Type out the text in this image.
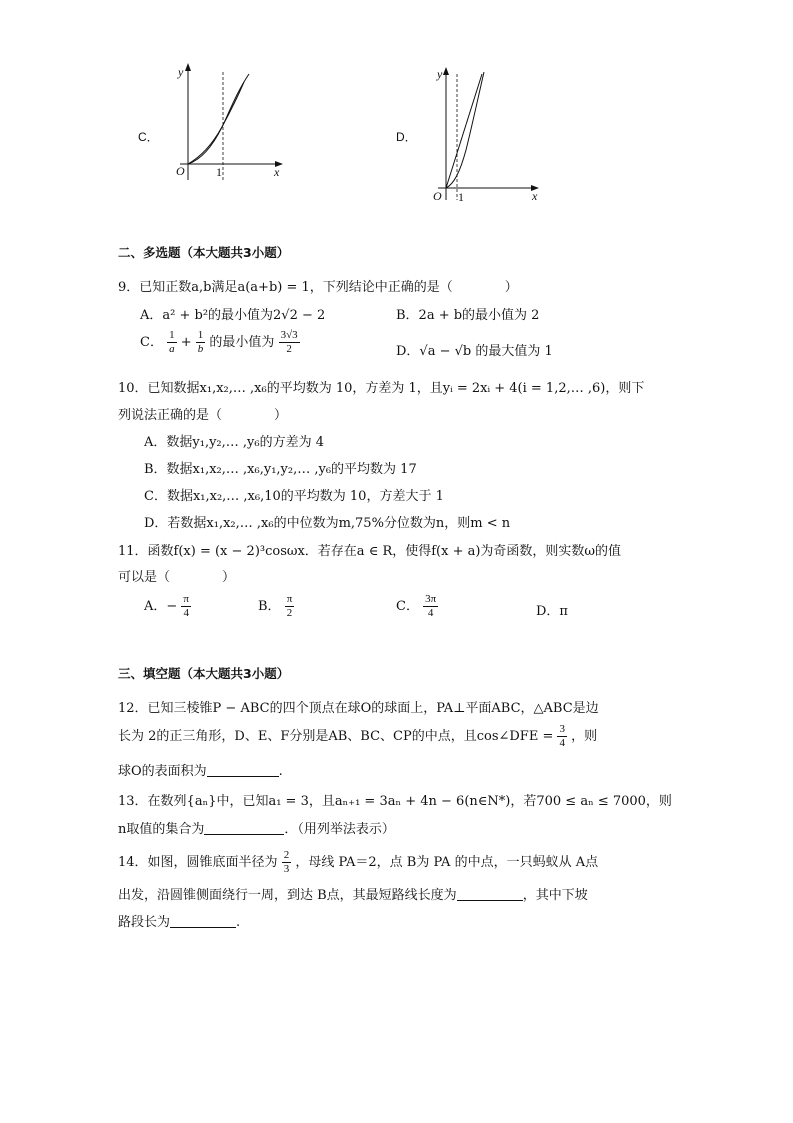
C．
y
x
O	1
D．
y
x
O 1
二、多选题（本大题共3小题）
9．已知正数a,b满足a(a+b) = 1，下列结论中正确的是（　　　　）
A．a² + b²的最小值为2√2 − 2	B．2a + b的最小值为 2
C． $\frac{1}{a} + \frac{1}{b}$ 的最小值为 $\frac{3√3}{2}$	D．√a − √b 的最大值为 1
10．已知数据x₁,x₂,… ,x₆的平均数为 10，方差为 1，且yᵢ = 2xᵢ + 4(i = 1,2,… ,6)，则下
列说法正确的是（　　　　）
A．数据y₁,y₂,… ,y₆的方差为 4
B．数据x₁,x₂,… ,x₆,y₁,y₂,… ,y₆的平均数为 17
C．数据x₁,x₂,… ,x₆,10的平均数为 10，方差大于 1
D．若数据x₁,x₂,… ,x₆的中位数为m,75%分位数为n，则m < n
11．函数f(x) = (x − 2)³cosωx．若存在a ∈ R，使得f(x + a)为奇函数，则实数ω的值
可以是（　　　　）
A．− $\frac{\pi}{4}$	B． $\frac{\pi}{2}$	C． $\frac{3\pi}{4}$	D．π
三、填空题（本大题共3小题）
12．已知三棱锥P − ABC的四个顶点在球O的球面上，PA⊥平面ABC，△ABC是边
长为 2的正三角形，D、E、F分别是AB、BC、CP的中点，且cos∠DFE = $\frac{3}{4}$ ，则
球O的表面积为	.
13．在数列{aₙ}中，已知a₁ = 3，且aₙ₊₁ = 3aₙ + 4n − 6(n∈N*)，若700 ≤ aₙ ≤ 7000，则
n取值的集合为	．（用列举法表示）
14．如图，圆锥底面半径为 $\frac{2}{3}$ ，母线 PA＝2，点 B为 PA 的中点，一只蚂蚁从 A点
出发，沿圆锥侧面绕行一周，到达 B点，其最短路线长度为	，其中下坡
路段长为	.
